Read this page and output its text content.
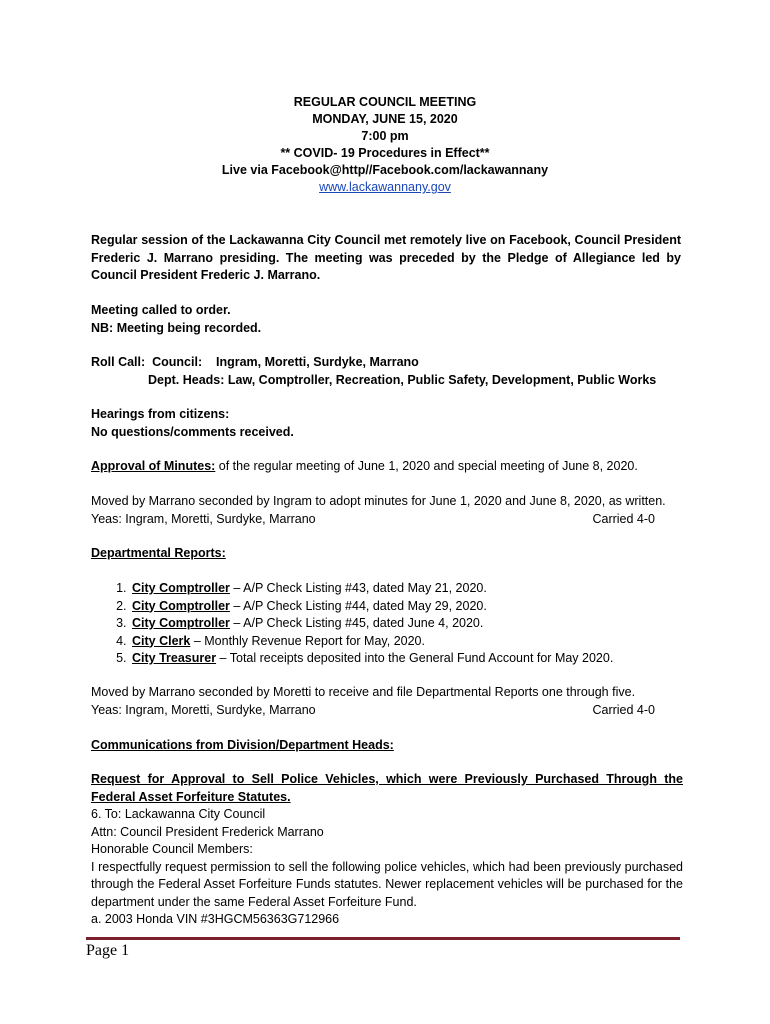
REGULAR COUNCIL MEETING
MONDAY, JUNE 15, 2020
7:00 pm
** COVID- 19 Procedures in Effect**
Live via Facebook@http//Facebook.com/lackawannany
www.lackawannany.gov
Regular session of the Lackawanna City Council met remotely live on Facebook, Council President Frederic J. Marrano presiding. The meeting was preceded by the Pledge of Allegiance led by Council President Frederic J. Marrano.
Meeting called to order.
NB: Meeting being recorded.
Roll Call:  Council:    Ingram, Moretti, Surdyke, Marrano
Dept. Heads: Law, Comptroller, Recreation, Public Safety, Development, Public Works
Hearings from citizens:
No questions/comments received.
Approval of Minutes: of the regular meeting of June 1, 2020 and special meeting of June 8, 2020.
Moved by Marrano seconded by Ingram to adopt minutes for June 1, 2020 and June 8, 2020, as written.
Yeas: Ingram, Moretti, Surdyke, Marrano	Carried 4-0
Departmental Reports:
1. City Comptroller – A/P Check Listing #43, dated May 21, 2020.
2. City Comptroller – A/P Check Listing #44, dated May 29, 2020.
3. City Comptroller – A/P Check Listing #45, dated June 4, 2020.
4. City Clerk – Monthly Revenue Report for May, 2020.
5. City Treasurer – Total receipts deposited into the General Fund Account for May 2020.
Moved by Marrano seconded by Moretti to receive and file Departmental Reports one through five.
Yeas: Ingram, Moretti, Surdyke, Marrano	Carried 4-0
Communications from Division/Department Heads:
Request for Approval to Sell Police Vehicles, which were Previously Purchased Through the Federal Asset Forfeiture Statutes.
6. To: Lackawanna City Council
Attn: Council President Frederick Marrano
Honorable Council Members:
I respectfully request permission to sell the following police vehicles, which had been previously purchased through the Federal Asset Forfeiture Funds statutes. Newer replacement vehicles will be purchased for the department under the same Federal Asset Forfeiture Fund.
a. 2003 Honda VIN #3HGCM56363G712966
Page 1
